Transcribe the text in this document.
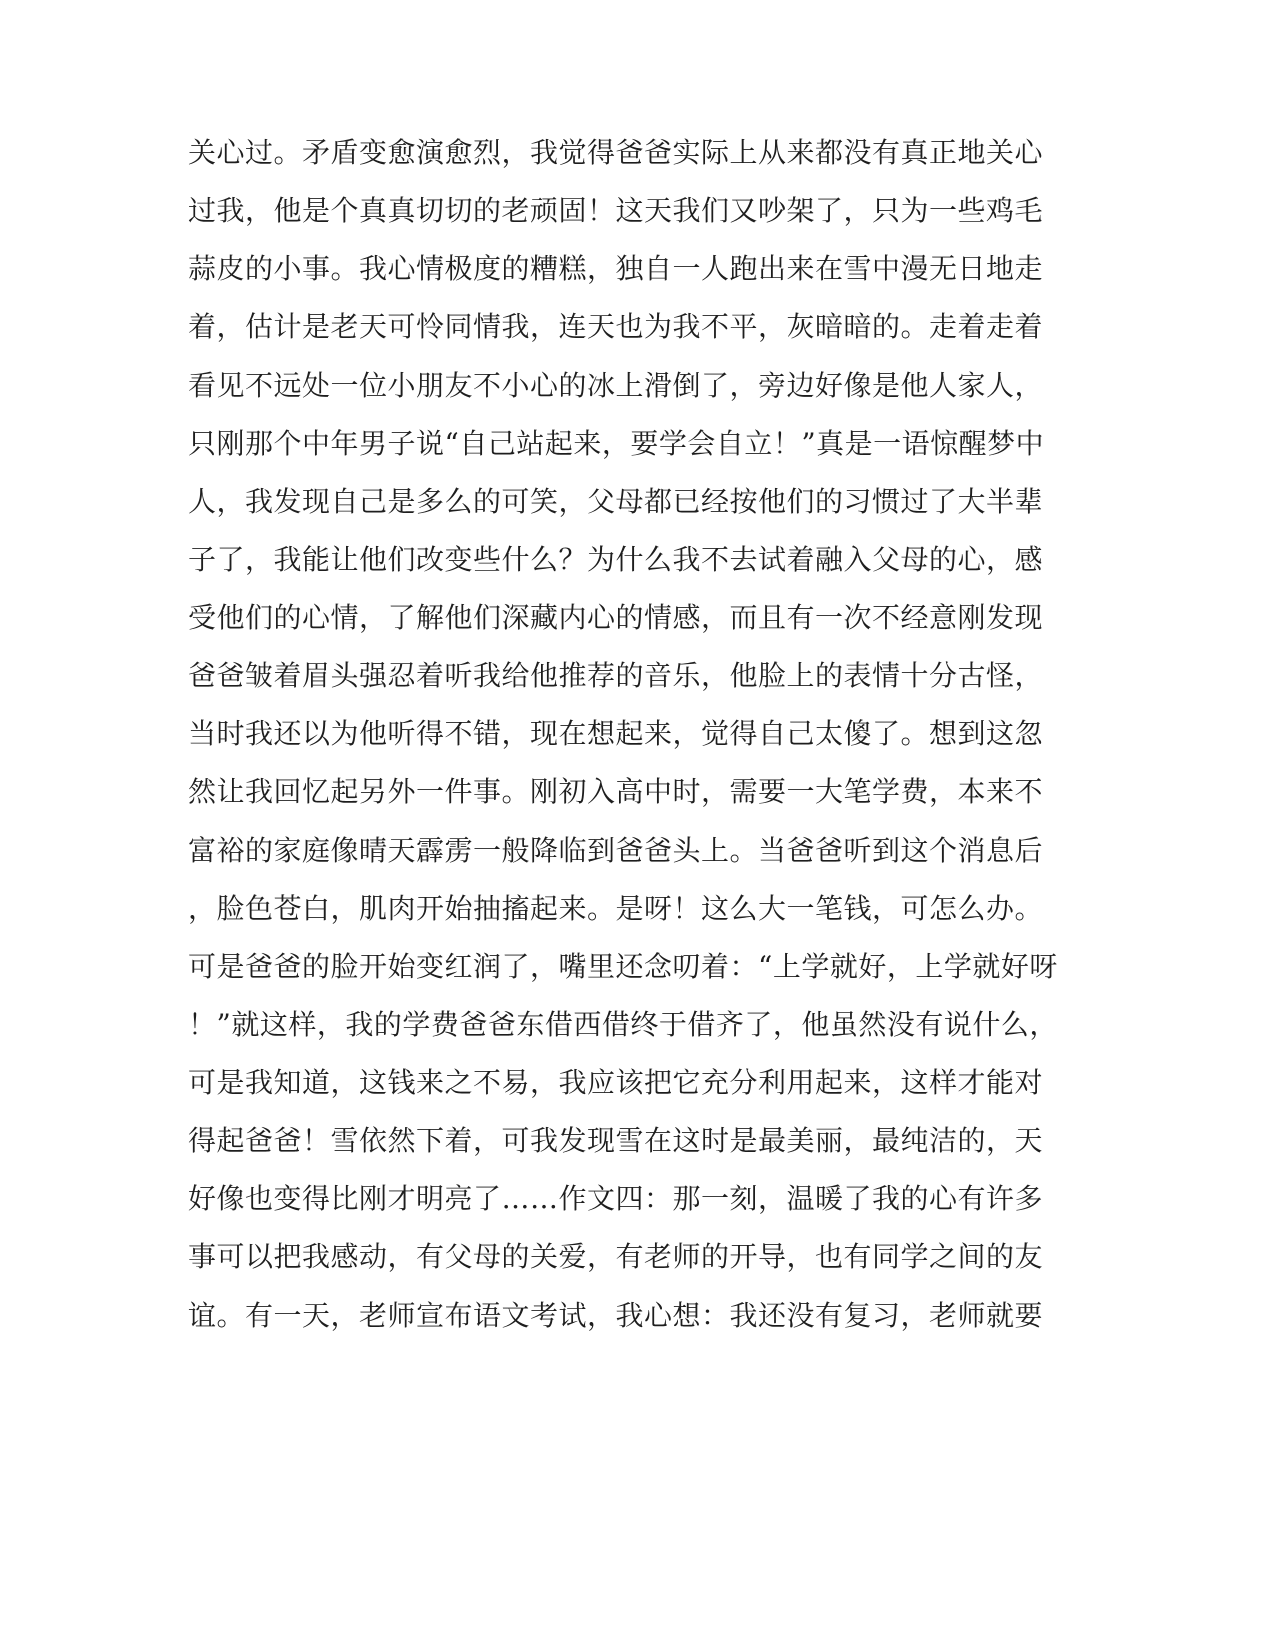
关心过。矛盾变愈演愈烈，我觉得爸爸实际上从来都没有真正地关心
过我，他是个真真切切的老顽固！这天我们又吵架了，只为一些鸡毛
蒜皮的小事。我心情极度的糟糕，独自一人跑出来在雪中漫无日地走
着，估计是老天可怜同情我，连天也为我不平，灰暗暗的。走着走着
看见不远处一位小朋友不小心的冰上滑倒了，旁边好像是他人家人，
只刚那个中年男子说“自己站起来，要学会自立！”真是一语惊醒梦中
人，我发现自己是多么的可笑，父母都已经按他们的习惯过了大半辈
子了，我能让他们改变些什么？为什么我不去试着融入父母的心，感
受他们的心情，了解他们深藏内心的情感，而且有一次不经意刚发现
爸爸皱着眉头强忍着听我给他推荐的音乐，他脸上的表情十分古怪，
当时我还以为他听得不错，现在想起来，觉得自己太傻了。想到这忽
然让我回忆起另外一件事。刚初入高中时，需要一大笔学费，本来不
富裕的家庭像晴天霹雳一般降临到爸爸头上。当爸爸听到这个消息后
，脸色苍白，肌肉开始抽搐起来。是呀！这么大一笔钱，可怎么办。
可是爸爸的脸开始变红润了，嘴里还念叨着：“上学就好，上学就好呀
！”就这样，我的学费爸爸东借西借终于借齐了，他虽然没有说什么，
可是我知道，这钱来之不易，我应该把它充分利用起来，这样才能对
得起爸爸！雪依然下着，可我发现雪在这时是最美丽，最纯洁的，天
好像也变得比刚才明亮了……作文四：那一刻，温暖了我的心有许多
事可以把我感动，有父母的关爱，有老师的开导，也有同学之间的友
谊。有一天，老师宣布语文考试，我心想：我还没有复习，老师就要
